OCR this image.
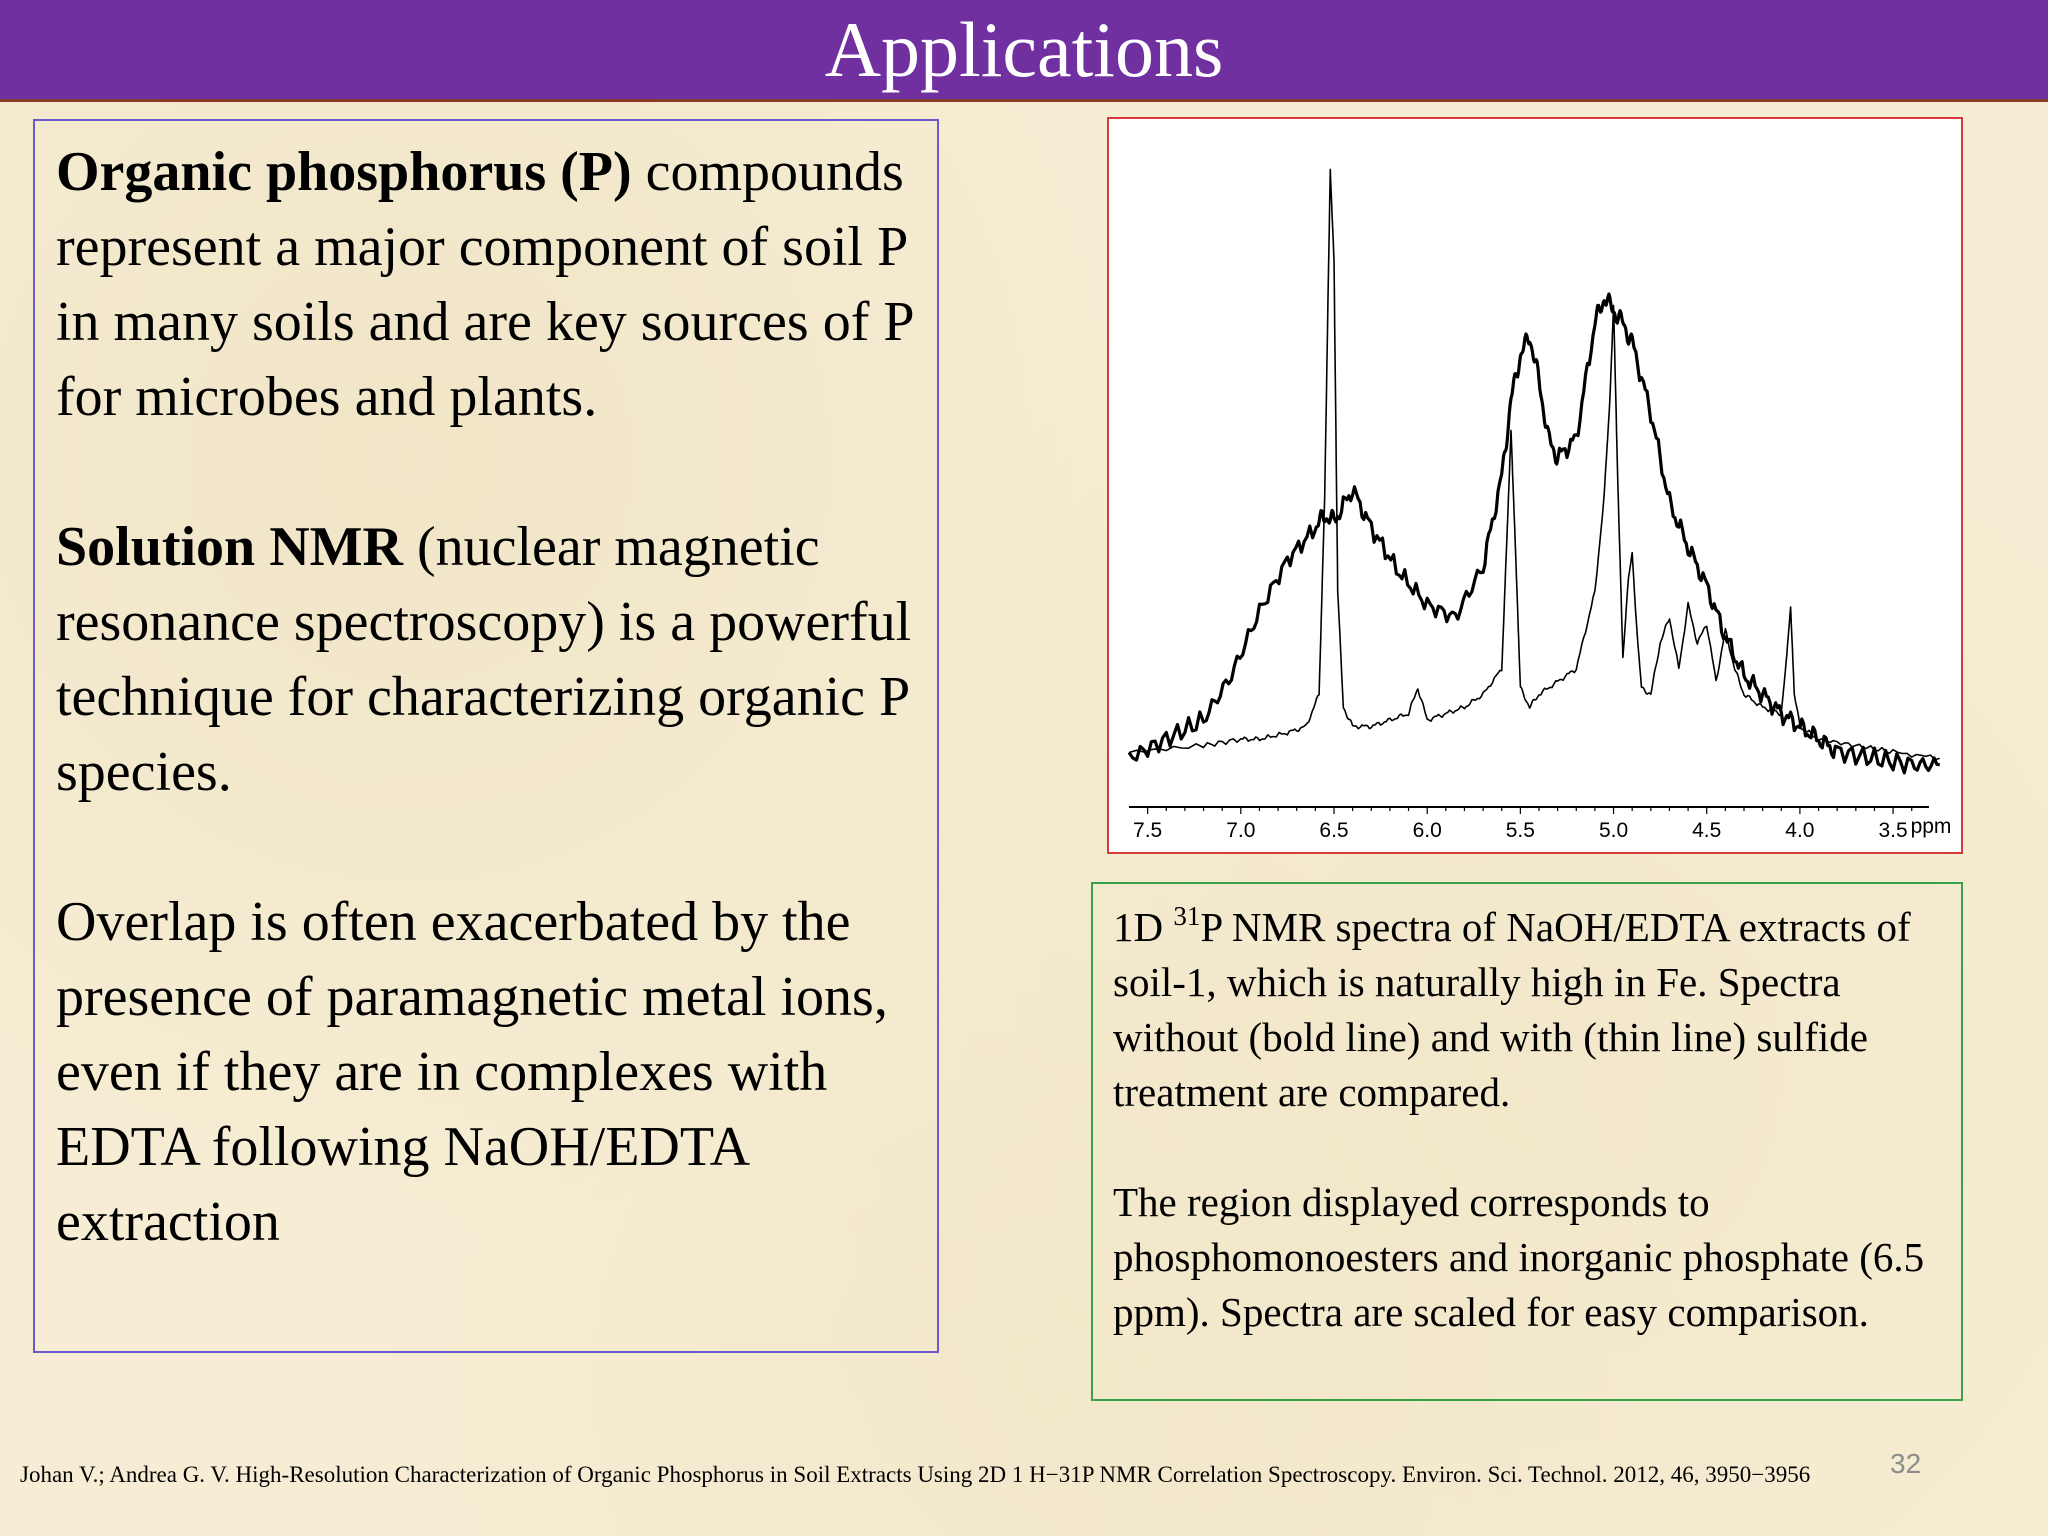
Applications

Organic phosphorus (P) compounds represent a major component of soil P in many soils and are key sources of P for microbes and plants.

Solution NMR (nuclear magnetic resonance spectroscopy) is a powerful technique for characterizing organic P species.

Overlap is often exacerbated by the presence of paramagnetic metal ions, even if they are in complexes with EDTA following NaOH/EDTA extraction

7.5	7.0	6.5	6.0	5.5	5.0	4.5	4.0	3.5 ppm

1D $^{31}$P NMR spectra of NaOH/EDTA extracts of soil-1, which is naturally high in Fe. Spectra without (bold line) and with (thin line) sulfide treatment are compared.

The region displayed corresponds to phosphomonoesters and inorganic phosphate (6.5 ppm). Spectra are scaled for easy comparison.

Johan V.; Andrea G. V. High-Resolution Characterization of Organic Phosphorus in Soil Extracts Using 2D 1 H−31P NMR Correlation Spectroscopy. Environ. Sci. Technol. 2012, 46, 3950−3956	32
